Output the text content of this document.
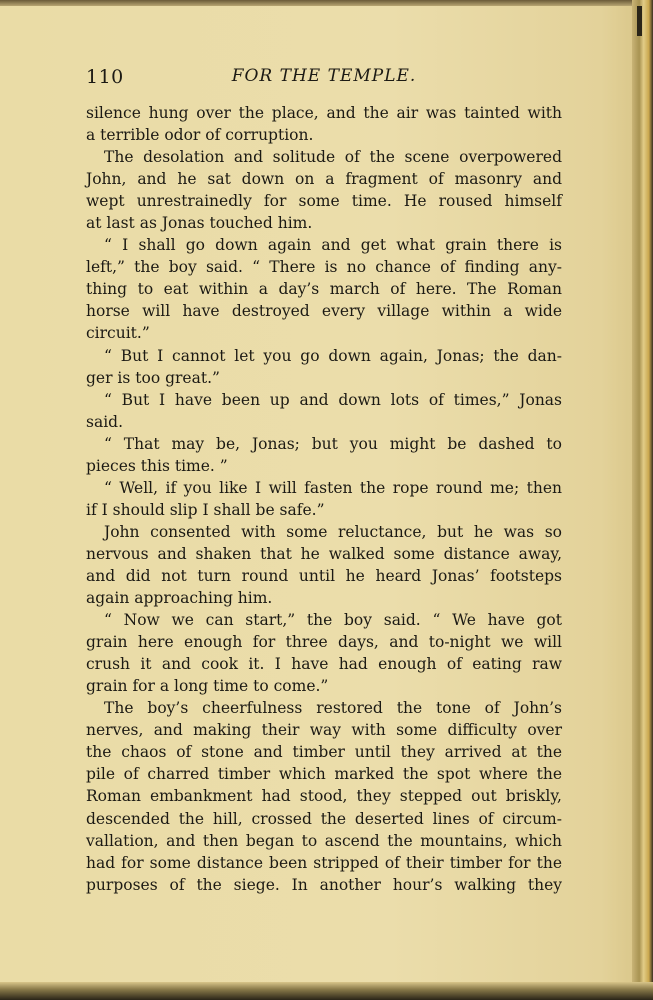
110	FOR THE TEMPLE.
silence hung over the place, and the air was tainted with
a terrible odor of corruption.
The desolation and solitude of the scene overpowered
John, and he sat down on a fragment of masonry and
wept unrestrainedly for some time. He roused himself
at last as Jonas touched him.
“ I shall go down again and get what grain there is
left,” the boy said. “ There is no chance of finding any-
thing to eat within a day’s march of here. The Roman
horse will have destroyed every village within a wide
circuit.”
“ But I cannot let you go down again, Jonas; the dan-
ger is too great.”
“ But I have been up and down lots of times,” Jonas
said.
“ That may be, Jonas; but you might be dashed to
pieces this time. ”
“ Well, if you like I will fasten the rope round me; then
if I should slip I shall be safe.”
John consented with some reluctance, but he was so
nervous and shaken that he walked some distance away,
and did not turn round until he heard Jonas’ footsteps
again approaching him.
“ Now we can start,” the boy said. “ We have got
grain here enough for three days, and to-night we will
crush it and cook it. I have had enough of eating raw
grain for a long time to come.”
The boy’s cheerfulness restored the tone of John’s
nerves, and making their way with some difficulty over
the chaos of stone and timber until they arrived at the
pile of charred timber which marked the spot where the
Roman embankment had stood, they stepped out briskly,
descended the hill, crossed the deserted lines of circum-
vallation, and then began to ascend the mountains, which
had for some distance been stripped of their timber for the
purposes of the siege. In another hour’s walking they
